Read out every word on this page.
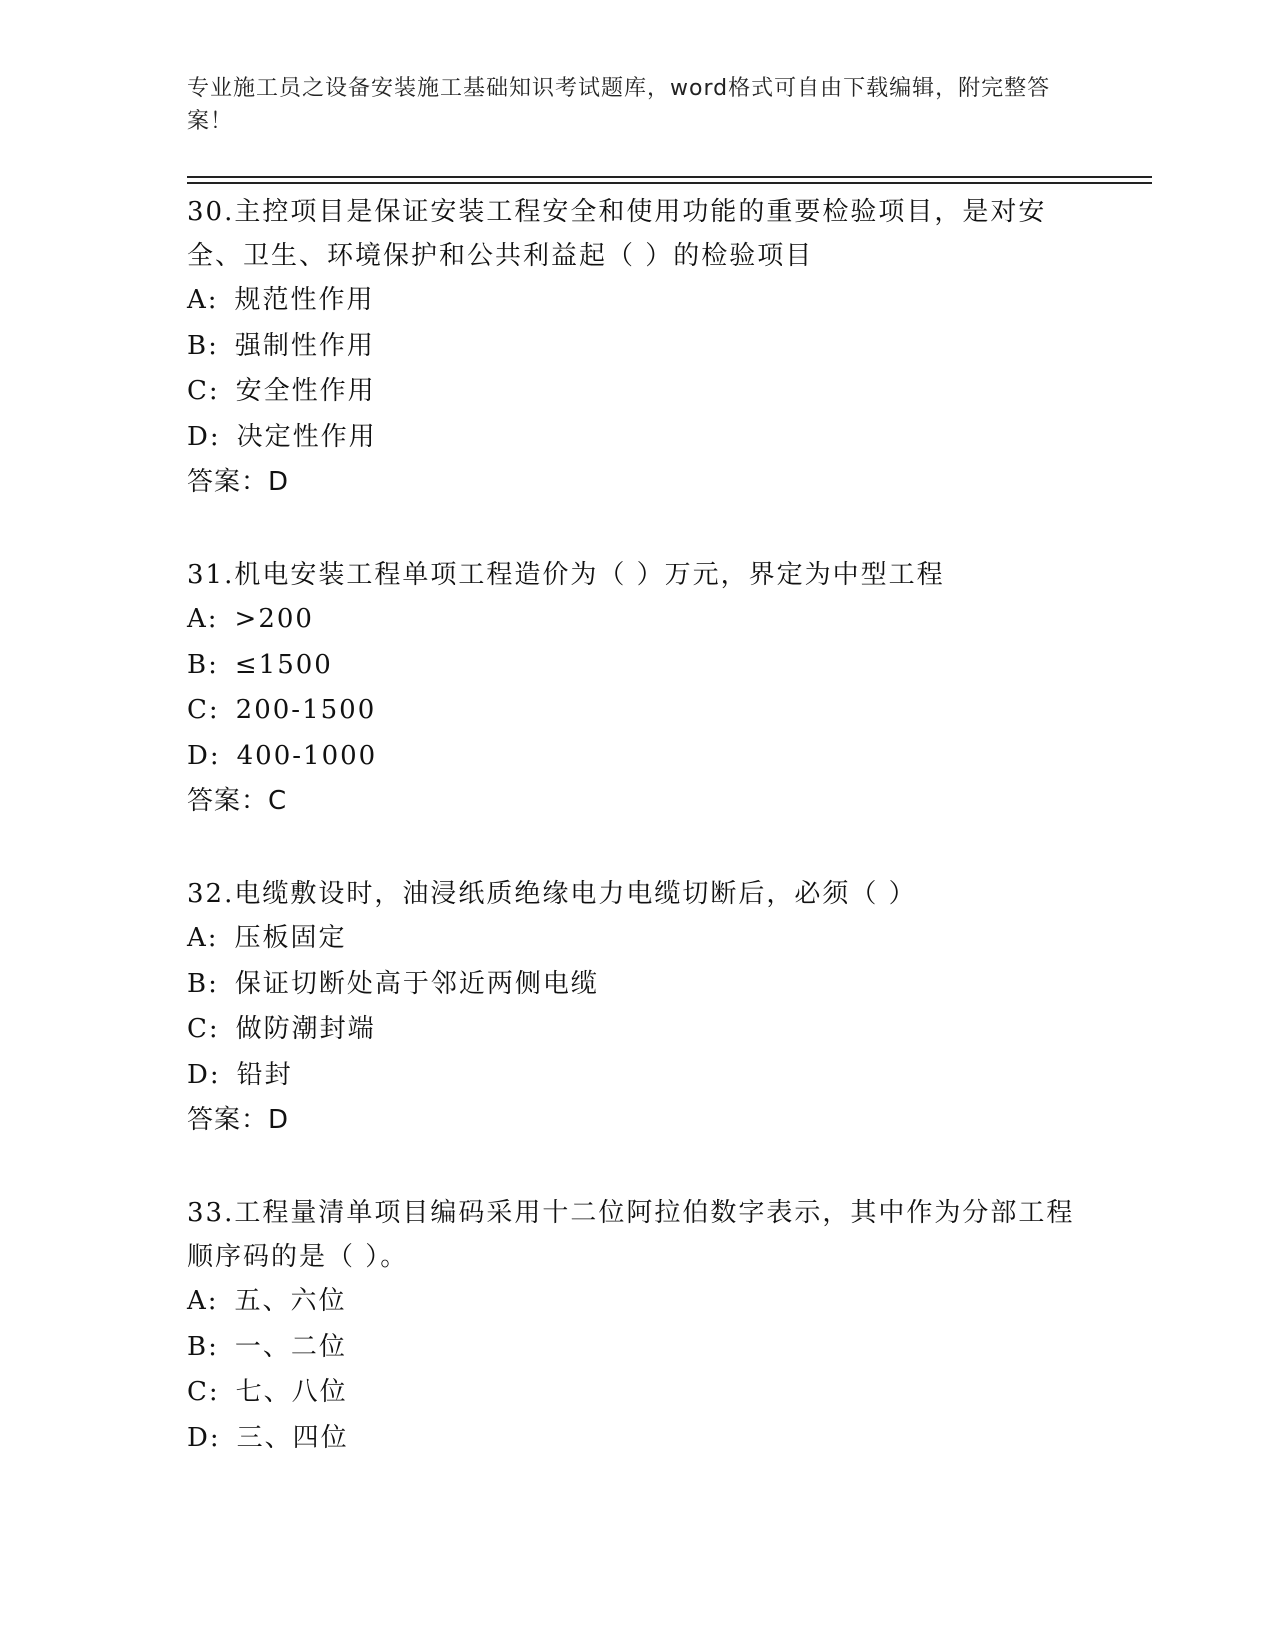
专业施工员之设备安装施工基础知识考试题库，word格式可自由下载编辑，附完整答案！

30.主控项目是保证安装工程安全和使用功能的重要检验项目，是对安全、卫生、环境保护和公共利益起（ ）的检验项目

A: 规范性作用
B: 强制性作用
C: 安全性作用
D: 决定性作用
答案：D

31.机电安装工程单项工程造价为（ ）万元，界定为中型工程

A: >200
B: ≤1500
C: 200-1500
D: 400-1000
答案：C

32.电缆敷设时，油浸纸质绝缘电力电缆切断后，必须（ ）

A: 压板固定
B: 保证切断处高于邻近两侧电缆
C: 做防潮封端
D: 铅封
答案：D

33.工程量清单项目编码采用十二位阿拉伯数字表示，其中作为分部工程顺序码的是（ ）。

A: 五、六位
B: 一、二位
C: 七、八位
D: 三、四位
